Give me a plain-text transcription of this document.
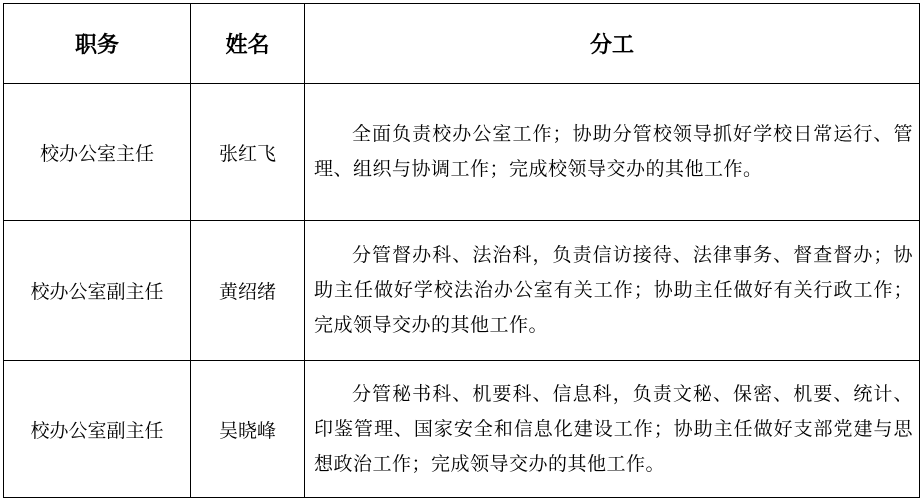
职务	姓名	分工
校办公室主任	张红飞	全面负责校办公室工作；协助分管校领导抓好学校日常运行、管理、组织与协调工作；完成校领导交办的其他工作。
校办公室副主任	黄绍绪	分管督办科、法治科，负责信访接待、法律事务、督查督办；协助主任做好学校法治办公室有关工作；协助主任做好有关行政工作；完成领导交办的其他工作。
校办公室副主任	吴晓峰	分管秘书科、机要科、信息科，负责文秘、保密、机要、统计、印鉴管理、国家安全和信息化建设工作；协助主任做好支部党建与思想政治工作；完成领导交办的其他工作。
